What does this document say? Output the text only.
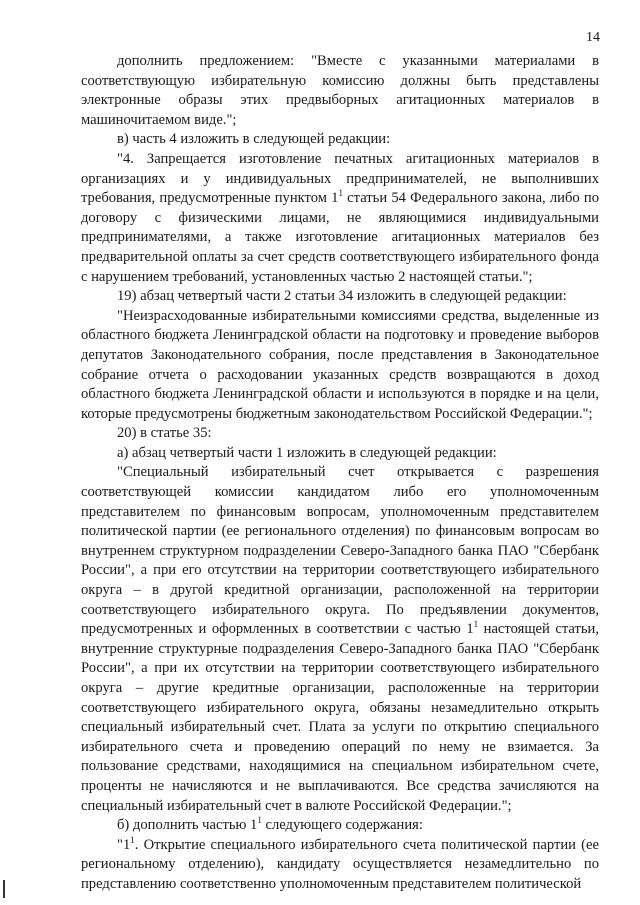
14

дополнить предложением: "Вместе с указанными материалами в соответствующую избирательную комиссию должны быть представлены электронные образы этих предвыборных агитационных материалов в машиночитаемом виде.";

в) часть 4 изложить в следующей редакции:

"4. Запрещается изготовление печатных агитационных материалов в организациях и у индивидуальных предпринимателей, не выполнивших требования, предусмотренные пунктом $1^1$ статьи 54 Федерального закона, либо по договору с физическими лицами, не являющимися индивидуальными предпринимателями, а также изготовление агитационных материалов без предварительной оплаты за счет средств соответствующего избирательного фонда с нарушением требований, установленных частью 2 настоящей статьи.";

19) абзац четвертый части 2 статьи 34 изложить в следующей редакции:

"Неизрасходованные избирательными комиссиями средства, выделенные из областного бюджета Ленинградской области на подготовку и проведение выборов депутатов Законодательного собрания, после представления в Законодательное собрание отчета о расходовании указанных средств возвращаются в доход областного бюджета Ленинградской области и используются в порядке и на цели, которые предусмотрены бюджетным законодательством Российской Федерации.";

20) в статье 35:

а) абзац четвертый части 1 изложить в следующей редакции:

"Специальный избирательный счет открывается с разрешения соответствующей комиссии кандидатом либо его уполномоченным представителем по финансовым вопросам, уполномоченным представителем политической партии (ее регионального отделения) по финансовым вопросам во внутреннем структурном подразделении Северо-Западного банка ПАО "Сбербанк России", а при его отсутствии на территории соответствующего избирательного округа – в другой кредитной организации, расположенной на территории соответствующего избирательного округа. По предъявлении документов, предусмотренных и оформленных в соответствии с частью $1^1$ настоящей статьи, внутренние структурные подразделения Северо-Западного банка ПАО "Сбербанк России", а при их отсутствии на территории соответствующего избирательного округа – другие кредитные организации, расположенные на территории соответствующего избирательного округа, обязаны незамедлительно открыть специальный избирательный счет. Плата за услуги по открытию специального избирательного счета и проведению операций по нему не взимается. За пользование средствами, находящимися на специальном избирательном счете, проценты не начисляются и не выплачиваются. Все средства зачисляются на специальный избирательный счет в валюте Российской Федерации.";

б) дополнить частью $1^1$ следующего содержания:

"$1^1$. Открытие специального избирательного счета политической партии (ее региональному отделению), кандидату осуществляется незамедлительно по представлению соответственно уполномоченным представителем политической
